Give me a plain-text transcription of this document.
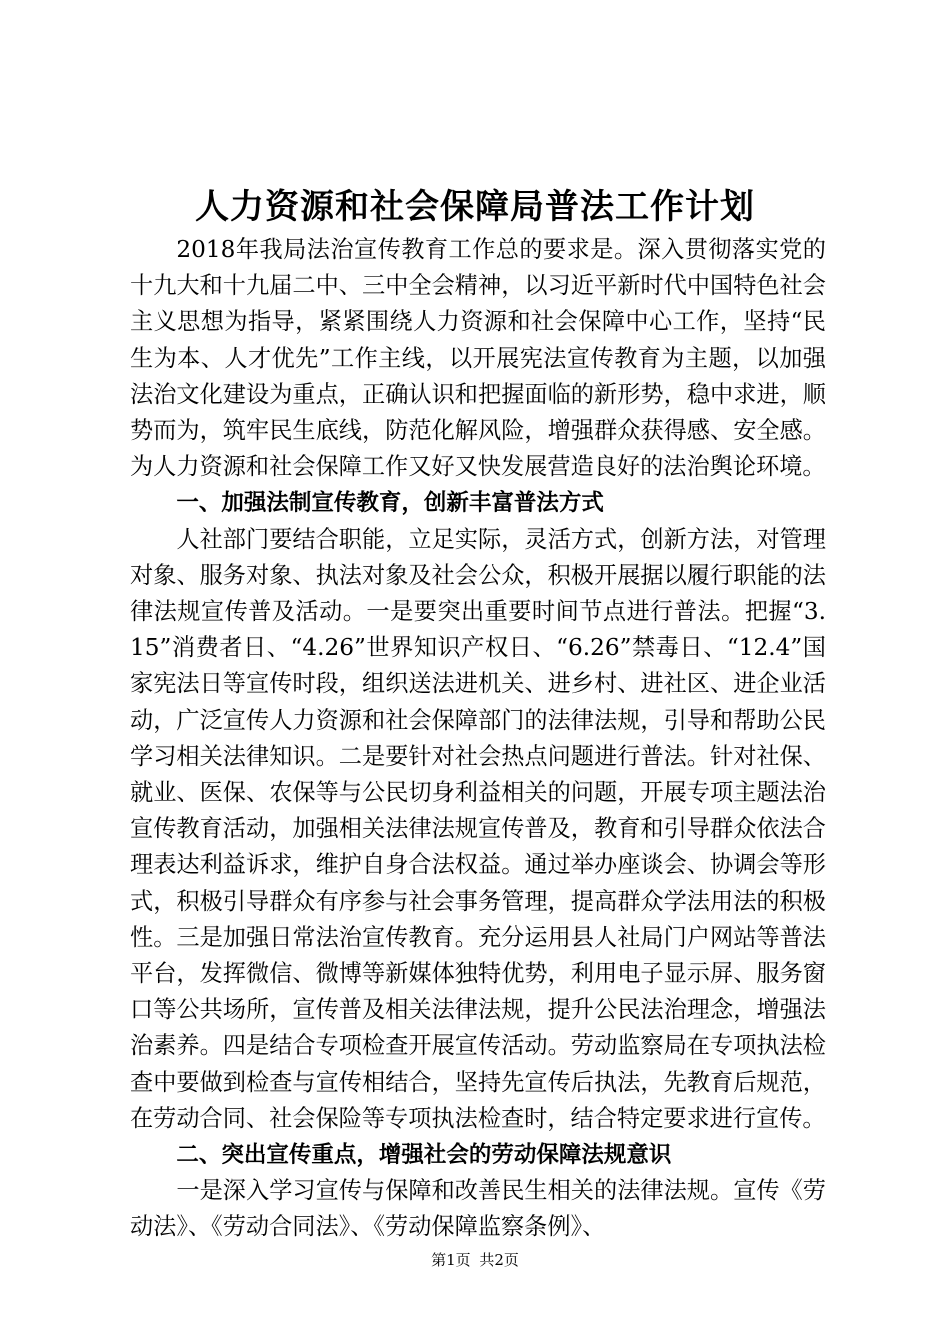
人力资源和社会保障局普法工作计划

2018年我局法治宣传教育工作总的要求是。深入贯彻落实党的十九大和十九届二中、三中全会精神，以习近平新时代中国特色社会主义思想为指导，紧紧围绕人力资源和社会保障中心工作，坚持“民生为本、人才优先”工作主线，以开展宪法宣传教育为主题，以加强法治文化建设为重点，正确认识和把握面临的新形势，稳中求进，顺势而为，筑牢民生底线，防范化解风险，增强群众获得感、安全感。为人力资源和社会保障工作又好又快发展营造良好的法治舆论环境。

一、加强法制宣传教育，创新丰富普法方式

人社部门要结合职能，立足实际，灵活方式，创新方法，对管理对象、服务对象、执法对象及社会公众，积极开展据以履行职能的法律法规宣传普及活动。一是要突出重要时间节点进行普法。把握“3.15”消费者日、“4.26”世界知识产权日、“6.26”禁毒日、“12.4”国家宪法日等宣传时段，组织送法进机关、进乡村、进社区、进企业活动，广泛宣传人力资源和社会保障部门的法律法规，引导和帮助公民学习相关法律知识。二是要针对社会热点问题进行普法。针对社保、就业、医保、农保等与公民切身利益相关的问题，开展专项主题法治宣传教育活动，加强相关法律法规宣传普及，教育和引导群众依法合理表达利益诉求，维护自身合法权益。通过举办座谈会、协调会等形式，积极引导群众有序参与社会事务管理，提高群众学法用法的积极性。三是加强日常法治宣传教育。充分运用县人社局门户网站等普法平台，发挥微信、微博等新媒体独特优势，利用电子显示屏、服务窗口等公共场所，宣传普及相关法律法规，提升公民法治理念，增强法治素养。四是结合专项检查开展宣传活动。劳动监察局在专项执法检查中要做到检查与宣传相结合，坚持先宣传后执法，先教育后规范，在劳动合同、社会保险等专项执法检查时，结合特定要求进行宣传。

二、突出宣传重点，增强社会的劳动保障法规意识

一是深入学习宣传与保障和改善民生相关的法律法规。宣传《劳动法》、《劳动合同法》、《劳动保障监察条例》、

第1页 共2页
